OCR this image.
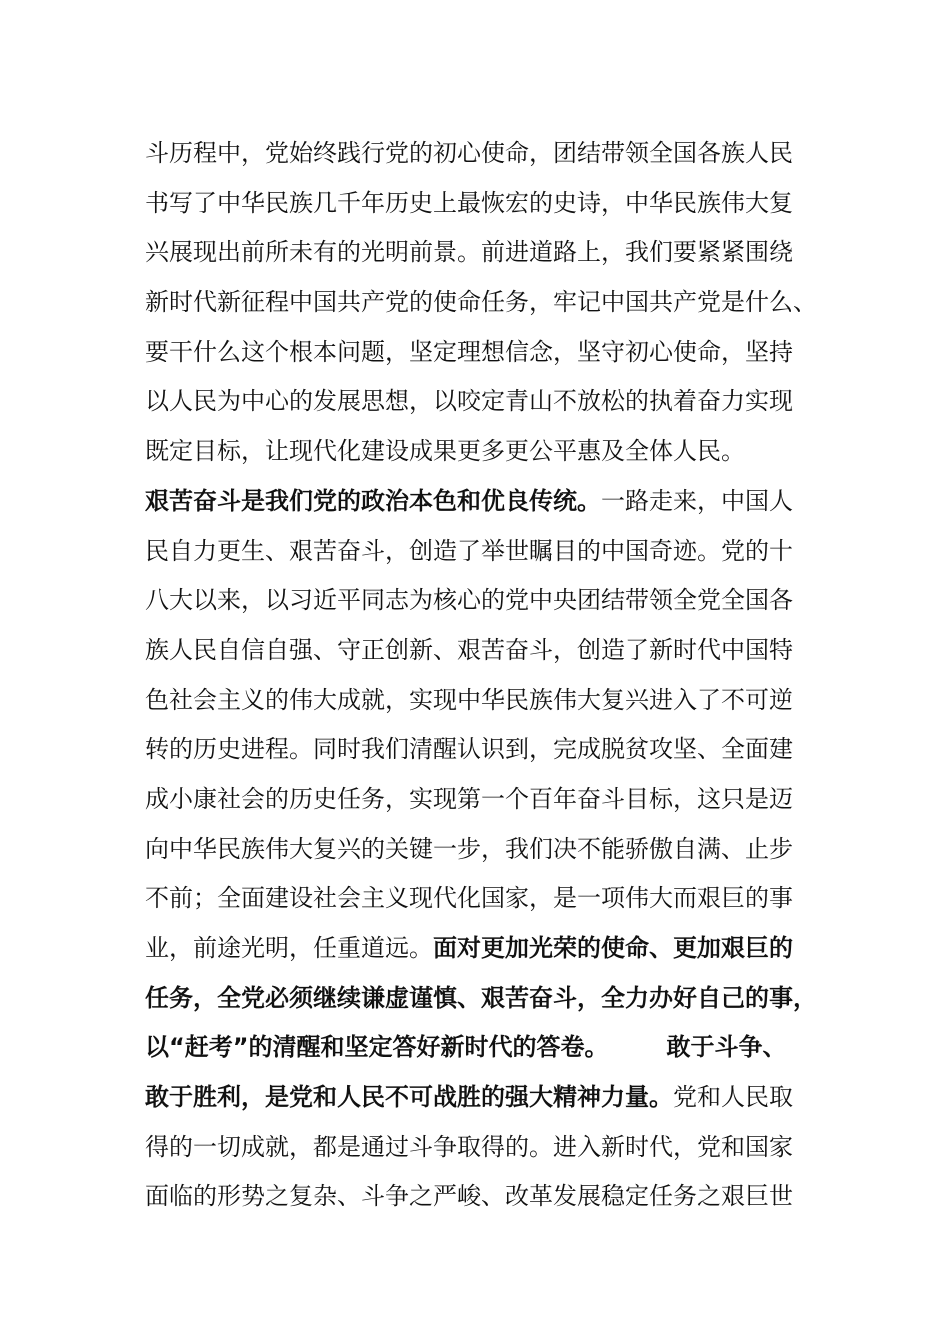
斗历程中，党始终践行党的初心使命，团结带领全国各族人民
书写了中华民族几千年历史上最恢宏的史诗，中华民族伟大复
兴展现出前所未有的光明前景。前进道路上，我们要紧紧围绕
新时代新征程中国共产党的使命任务，牢记中国共产党是什么、
要干什么这个根本问题，坚定理想信念，坚守初心使命，坚持
以人民为中心的发展思想，以咬定青山不放松的执着奋力实现
既定目标，让现代化建设成果更多更公平惠及全体人民。
艰苦奋斗是我们党的政治本色和优良传统。一路走来，中国人
民自力更生、艰苦奋斗，创造了举世瞩目的中国奇迹。党的十
八大以来，以习近平同志为核心的党中央团结带领全党全国各
族人民自信自强、守正创新、艰苦奋斗，创造了新时代中国特
色社会主义的伟大成就，实现中华民族伟大复兴进入了不可逆
转的历史进程。同时我们清醒认识到，完成脱贫攻坚、全面建
成小康社会的历史任务，实现第一个百年奋斗目标，这只是迈
向中华民族伟大复兴的关键一步，我们决不能骄傲自满、止步
不前；全面建设社会主义现代化国家，是一项伟大而艰巨的事
业，前途光明，任重道远。面对更加光荣的使命、更加艰巨的
任务，全党必须继续谦虚谨慎、艰苦奋斗，全力办好自己的事，
以“赶考”的清醒和坚定答好新时代的答卷。 敢于斗争、
敢于胜利，是党和人民不可战胜的强大精神力量。党和人民取
得的一切成就，都是通过斗争取得的。进入新时代，党和国家
面临的形势之复杂、斗争之严峻、改革发展稳定任务之艰巨世
